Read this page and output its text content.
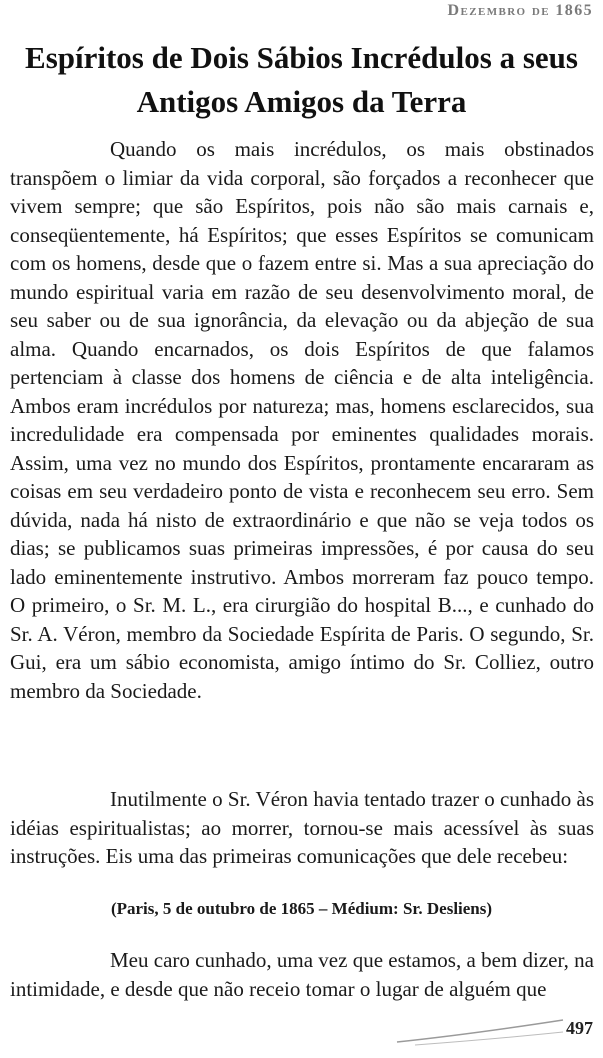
Dezembro de 1865
Espíritos de Dois Sábios Incrédulos a seus Antigos Amigos da Terra

Quando os mais incrédulos, os mais obstinados transpõem o limiar da vida corporal, são forçados a reconhecer que vivem sempre; que são Espíritos, pois não são mais carnais e, conseqüentemente, há Espíritos; que esses Espíritos se comunicam com os homens, desde que o fazem entre si. Mas a sua apreciação do mundo espiritual varia em razão de seu desenvolvimento moral, de seu saber ou de sua ignorância, da elevação ou da abjeção de sua alma. Quando encarnados, os dois Espíritos de que falamos pertenciam à classe dos homens de ciência e de alta inteligência. Ambos eram incrédulos por natureza; mas, homens esclarecidos, sua incredulidade era compensada por eminentes qualidades morais. Assim, uma vez no mundo dos Espíritos, prontamente encararam as coisas em seu verdadeiro ponto de vista e reconhecem seu erro. Sem dúvida, nada há nisto de extraordinário e que não se veja todos os dias; se publicamos suas primeiras impressões, é por causa do seu lado eminentemente instrutivo. Ambos morreram faz pouco tempo. O primeiro, o Sr. M. L., era cirurgião do hospital B..., e cunhado do Sr. A. Véron, membro da Sociedade Espírita de Paris. O segundo, Sr. Gui, era um sábio economista, amigo íntimo do Sr. Colliez, outro membro da Sociedade.

Inutilmente o Sr. Véron havia tentado trazer o cunhado às idéias espiritualistas; ao morrer, tornou-se mais acessível às suas instruções. Eis uma das primeiras comunicações que dele recebeu:

(Paris, 5 de outubro de 1865 – Médium: Sr. Desliens)

Meu caro cunhado, uma vez que estamos, a bem dizer, na intimidade, e desde que não receio tomar o lugar de alguém que

497
